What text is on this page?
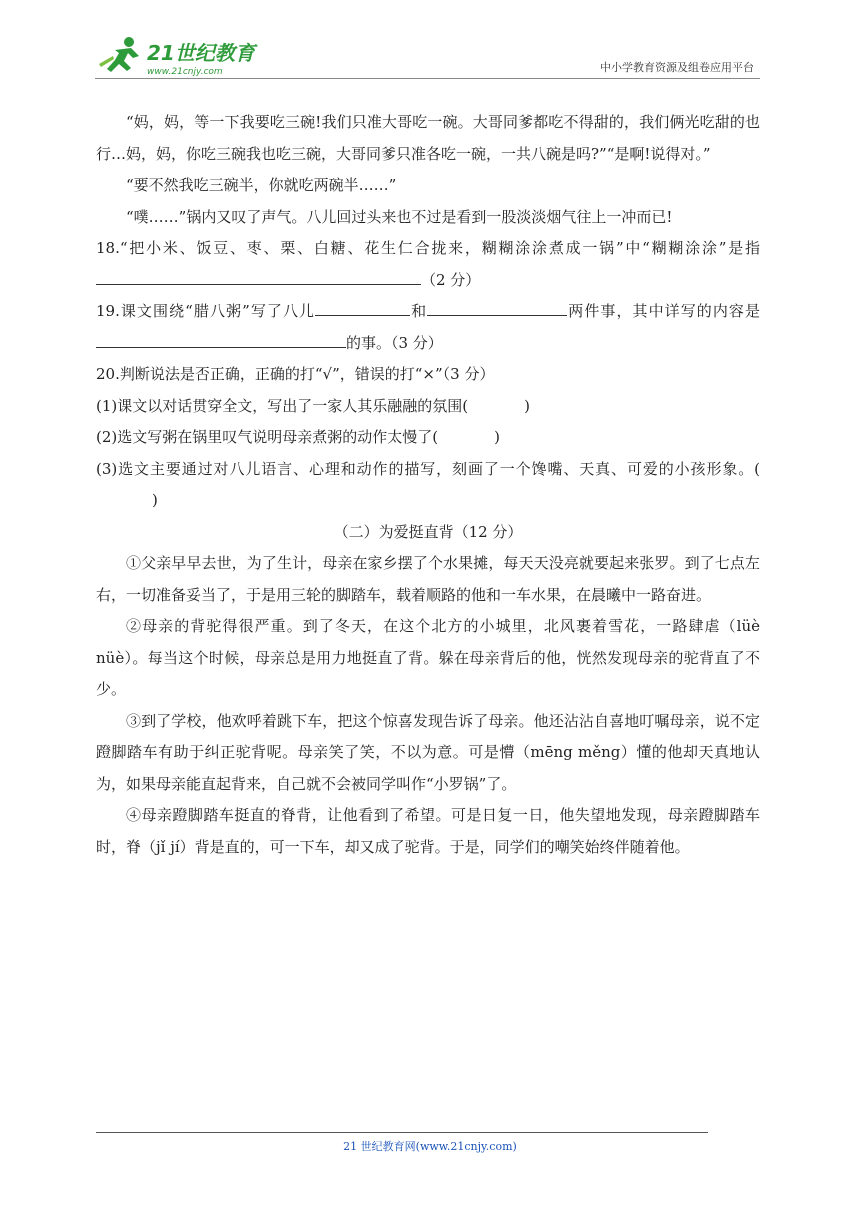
21世纪教育
www.21cnjy.com	中小学教育资源及组卷应用平台

“妈，妈，等一下我要吃三碗!我们只准大哥吃一碗。大哥同爹都吃不得甜的，我们俩光吃甜的也行…妈，妈，你吃三碗我也吃三碗，大哥同爹只准各吃一碗，一共八碗是吗?”“是啊!说得对。”

“要不然我吃三碗半，你就吃两碗半……”

“噗……”锅内又叹了声气。八儿回过头来也不过是看到一股淡淡烟气往上一冲而已!

18.“把小米、饭豆、枣、栗、白糖、花生仁合拢来，糊糊涂涂煮成一锅”中“糊糊涂涂”是指（2 分）

19.课文围绕“腊八粥”写了八儿	和	两件事，其中详写的内容是的事。（3 分）

20.判断说法是否正确，正确的打“√”，错误的打“×”（3 分）

(1)课文以对话贯穿全文，写出了一家人其乐融融的氛围(	)

(2)选文写粥在锅里叹气说明母亲煮粥的动作太慢了(	)

(3)选文主要通过对八儿语言、心理和动作的描写，刻画了一个馋嘴、天真、可爱的小孩形象。()

（二）为爱挺直背（12 分）

①父亲早早去世，为了生计，母亲在家乡摆了个水果摊，每天天没亮就要起来张罗。到了七点左右，一切准备妥当了，于是用三轮的脚踏车，载着顺路的他和一车水果，在晨曦中一路奋进。

②母亲的背驼得很严重。到了冬天，在这个北方的小城里，北风裹着雪花，一路肆虐（lüè nüè）。每当这个时候，母亲总是用力地挺直了背。躲在母亲背后的他，恍然发现母亲的驼背直了不少。

③到了学校，他欢呼着跳下车，把这个惊喜发现告诉了母亲。他还沾沾自喜地叮嘱母亲，说不定蹬脚踏车有助于纠正驼背呢。母亲笑了笑，不以为意。可是懵（mēng měng）懂的他却天真地认为，如果母亲能直起背来，自己就不会被同学叫作“小罗锅”了。

④母亲蹬脚踏车挺直的脊背，让他看到了希望。可是日复一日，他失望地发现，母亲蹬脚踏车时，脊（jǐ jí）背是直的，可一下车，却又成了驼背。于是，同学们的嘲笑始终伴随着他。

21 世纪教育网(www.21cnjy.com)
